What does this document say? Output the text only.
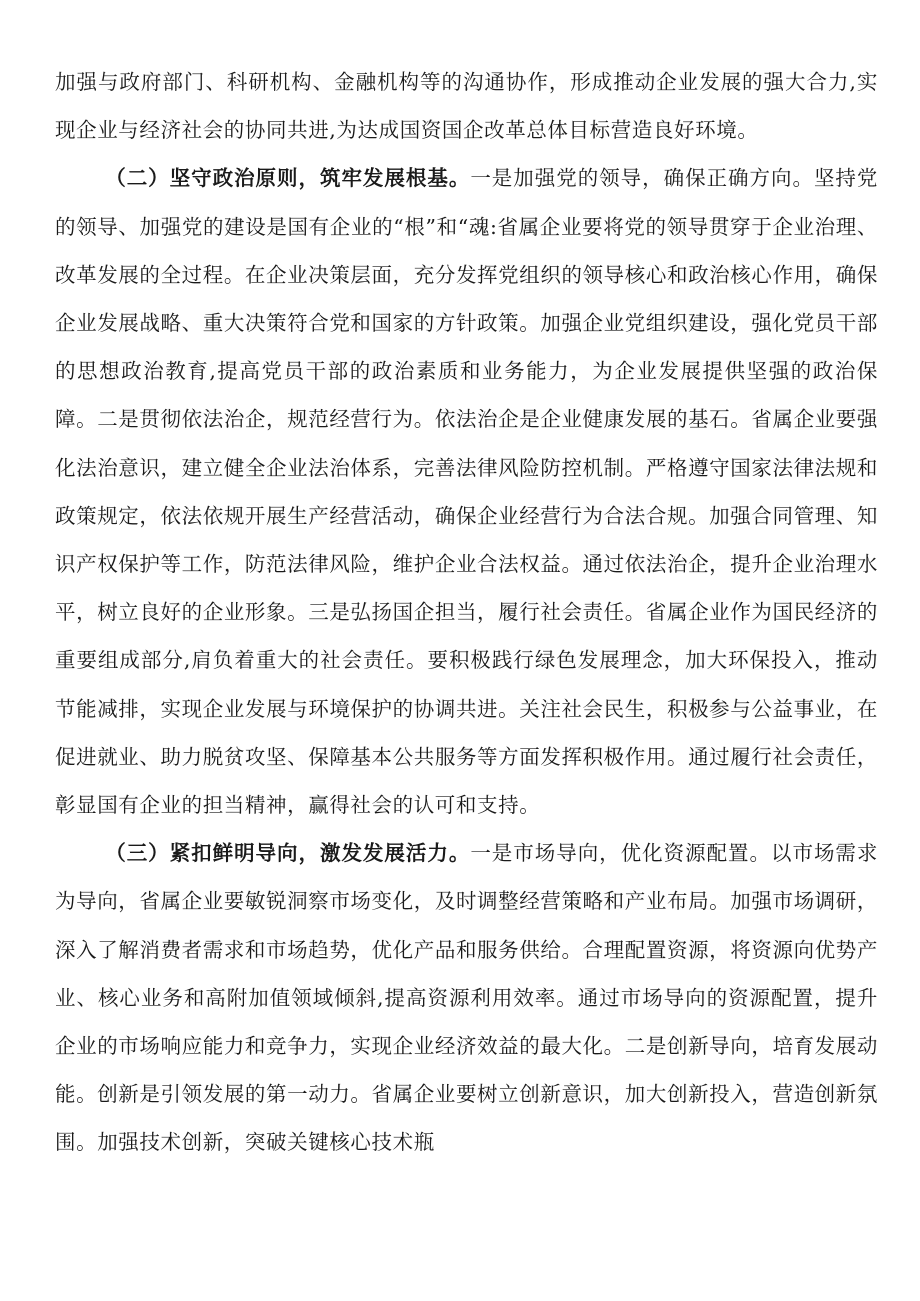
加强与政府部门、科研机构、金融机构等的沟通协作，形成推动企业发展的强大合力,实现企业与经济社会的协同共进,为达成国资国企改革总体目标营造良好环境。

（二）坚守政治原则，筑牢发展根基。一是加强党的领导，确保正确方向。坚持党的领导、加强党的建设是国有企业的“根”和“魂:省属企业要将党的领导贯穿于企业治理、改革发展的全过程。在企业决策层面，充分发挥党组织的领导核心和政治核心作用，确保企业发展战略、重大决策符合党和国家的方针政策。加强企业党组织建设，强化党员干部的思想政治教育,提高党员干部的政治素质和业务能力，为企业发展提供坚强的政治保障。二是贯彻依法治企，规范经营行为。依法治企是企业健康发展的基石。省属企业要强化法治意识，建立健全企业法治体系，完善法律风险防控机制。严格遵守国家法律法规和政策规定，依法依规开展生产经营活动，确保企业经营行为合法合规。加强合同管理、知识产权保护等工作，防范法律风险，维护企业合法权益。通过依法治企，提升企业治理水平，树立良好的企业形象。三是弘扬国企担当，履行社会责任。省属企业作为国民经济的重要组成部分,肩负着重大的社会责任。要积极践行绿色发展理念，加大环保投入，推动节能减排，实现企业发展与环境保护的协调共进。关注社会民生，积极参与公益事业，在促进就业、助力脱贫攻坚、保障基本公共服务等方面发挥积极作用。通过履行社会责任，彰显国有企业的担当精神，赢得社会的认可和支持。

（三）紧扣鲜明导向，激发发展活力。一是市场导向，优化资源配置。以市场需求为导向，省属企业要敏锐洞察市场变化，及时调整经营策略和产业布局。加强市场调研，深入了解消费者需求和市场趋势，优化产品和服务供给。合理配置资源，将资源向优势产业、核心业务和高附加值领域倾斜,提高资源利用效率。通过市场导向的资源配置，提升企业的市场响应能力和竞争力，实现企业经济效益的最大化。二是创新导向，培育发展动能。创新是引领发展的第一动力。省属企业要树立创新意识，加大创新投入，营造创新氛围。加强技术创新，突破关键核心技术瓶
